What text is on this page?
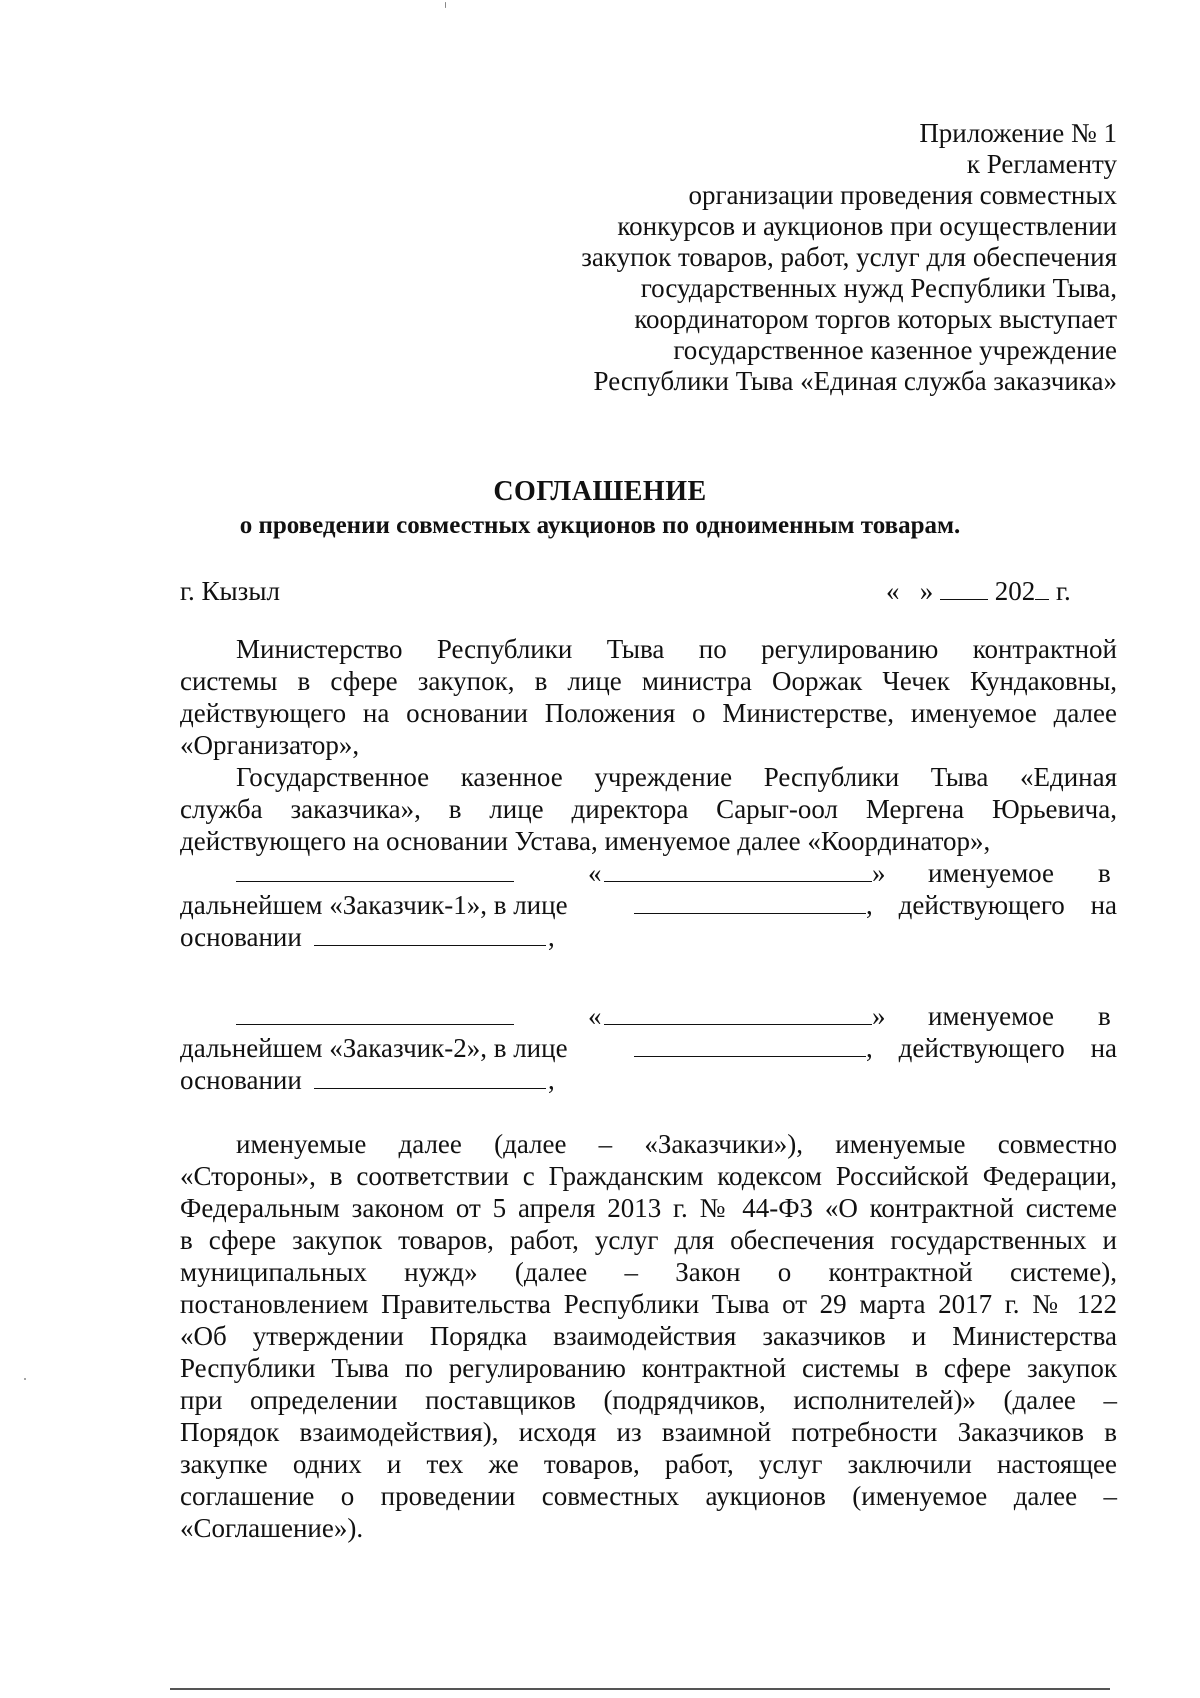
Приложение № 1
к Регламенту
организации проведения совместных
конкурсов и аукционов при осуществлении
закупок товаров, работ, услуг для обеспечения
государственных нужд Республики Тыва,
координатором торгов которых выступает
государственное казенное учреждение
Республики Тыва «Единая служба заказчика»
СОГЛАШЕНИЕ
о проведении совместных аукционов по одноименным товарам.
г. Кызыл	« » 202 г.
Министерство Республики Тыва по регулированию контрактной
системы в сфере закупок, в лице министра Ооржак Чечек Кундаковны,
действующего на основании Положения о Министерстве, именуемое далее
«Организатор»,
Государственное казенное учреждение Республики Тыва «Единая
служба заказчика», в лице директора Сарыг-оол Мергена Юрьевича,
действующего на основании Устава, именуемое далее «Координатор»,
«	» именуемое в
дальнейшем «Заказчик-1», в лице	, действующего на
основании	,
«	» именуемое в
дальнейшем «Заказчик-2», в лице	, действующего на
основании	,
именуемые далее (далее – «Заказчики»), именуемые совместно
«Стороны», в соответствии с Гражданским кодексом Российской Федерации,
Федеральным законом от 5 апреля 2013 г. № 44-ФЗ «О контрактной системе
в сфере закупок товаров, работ, услуг для обеспечения государственных и
муниципальных нужд» (далее – Закон о контрактной системе),
постановлением Правительства Республики Тыва от 29 марта 2017 г. № 122
«Об утверждении Порядка взаимодействия заказчиков и Министерства
Республики Тыва по регулированию контрактной системы в сфере закупок
при определении поставщиков (подрядчиков, исполнителей)» (далее –
Порядок взаимодействия), исходя из взаимной потребности Заказчиков в
закупке одних и тех же товаров, работ, услуг заключили настоящее
соглашение о проведении совместных аукционов (именуемое далее –
«Соглашение»).
